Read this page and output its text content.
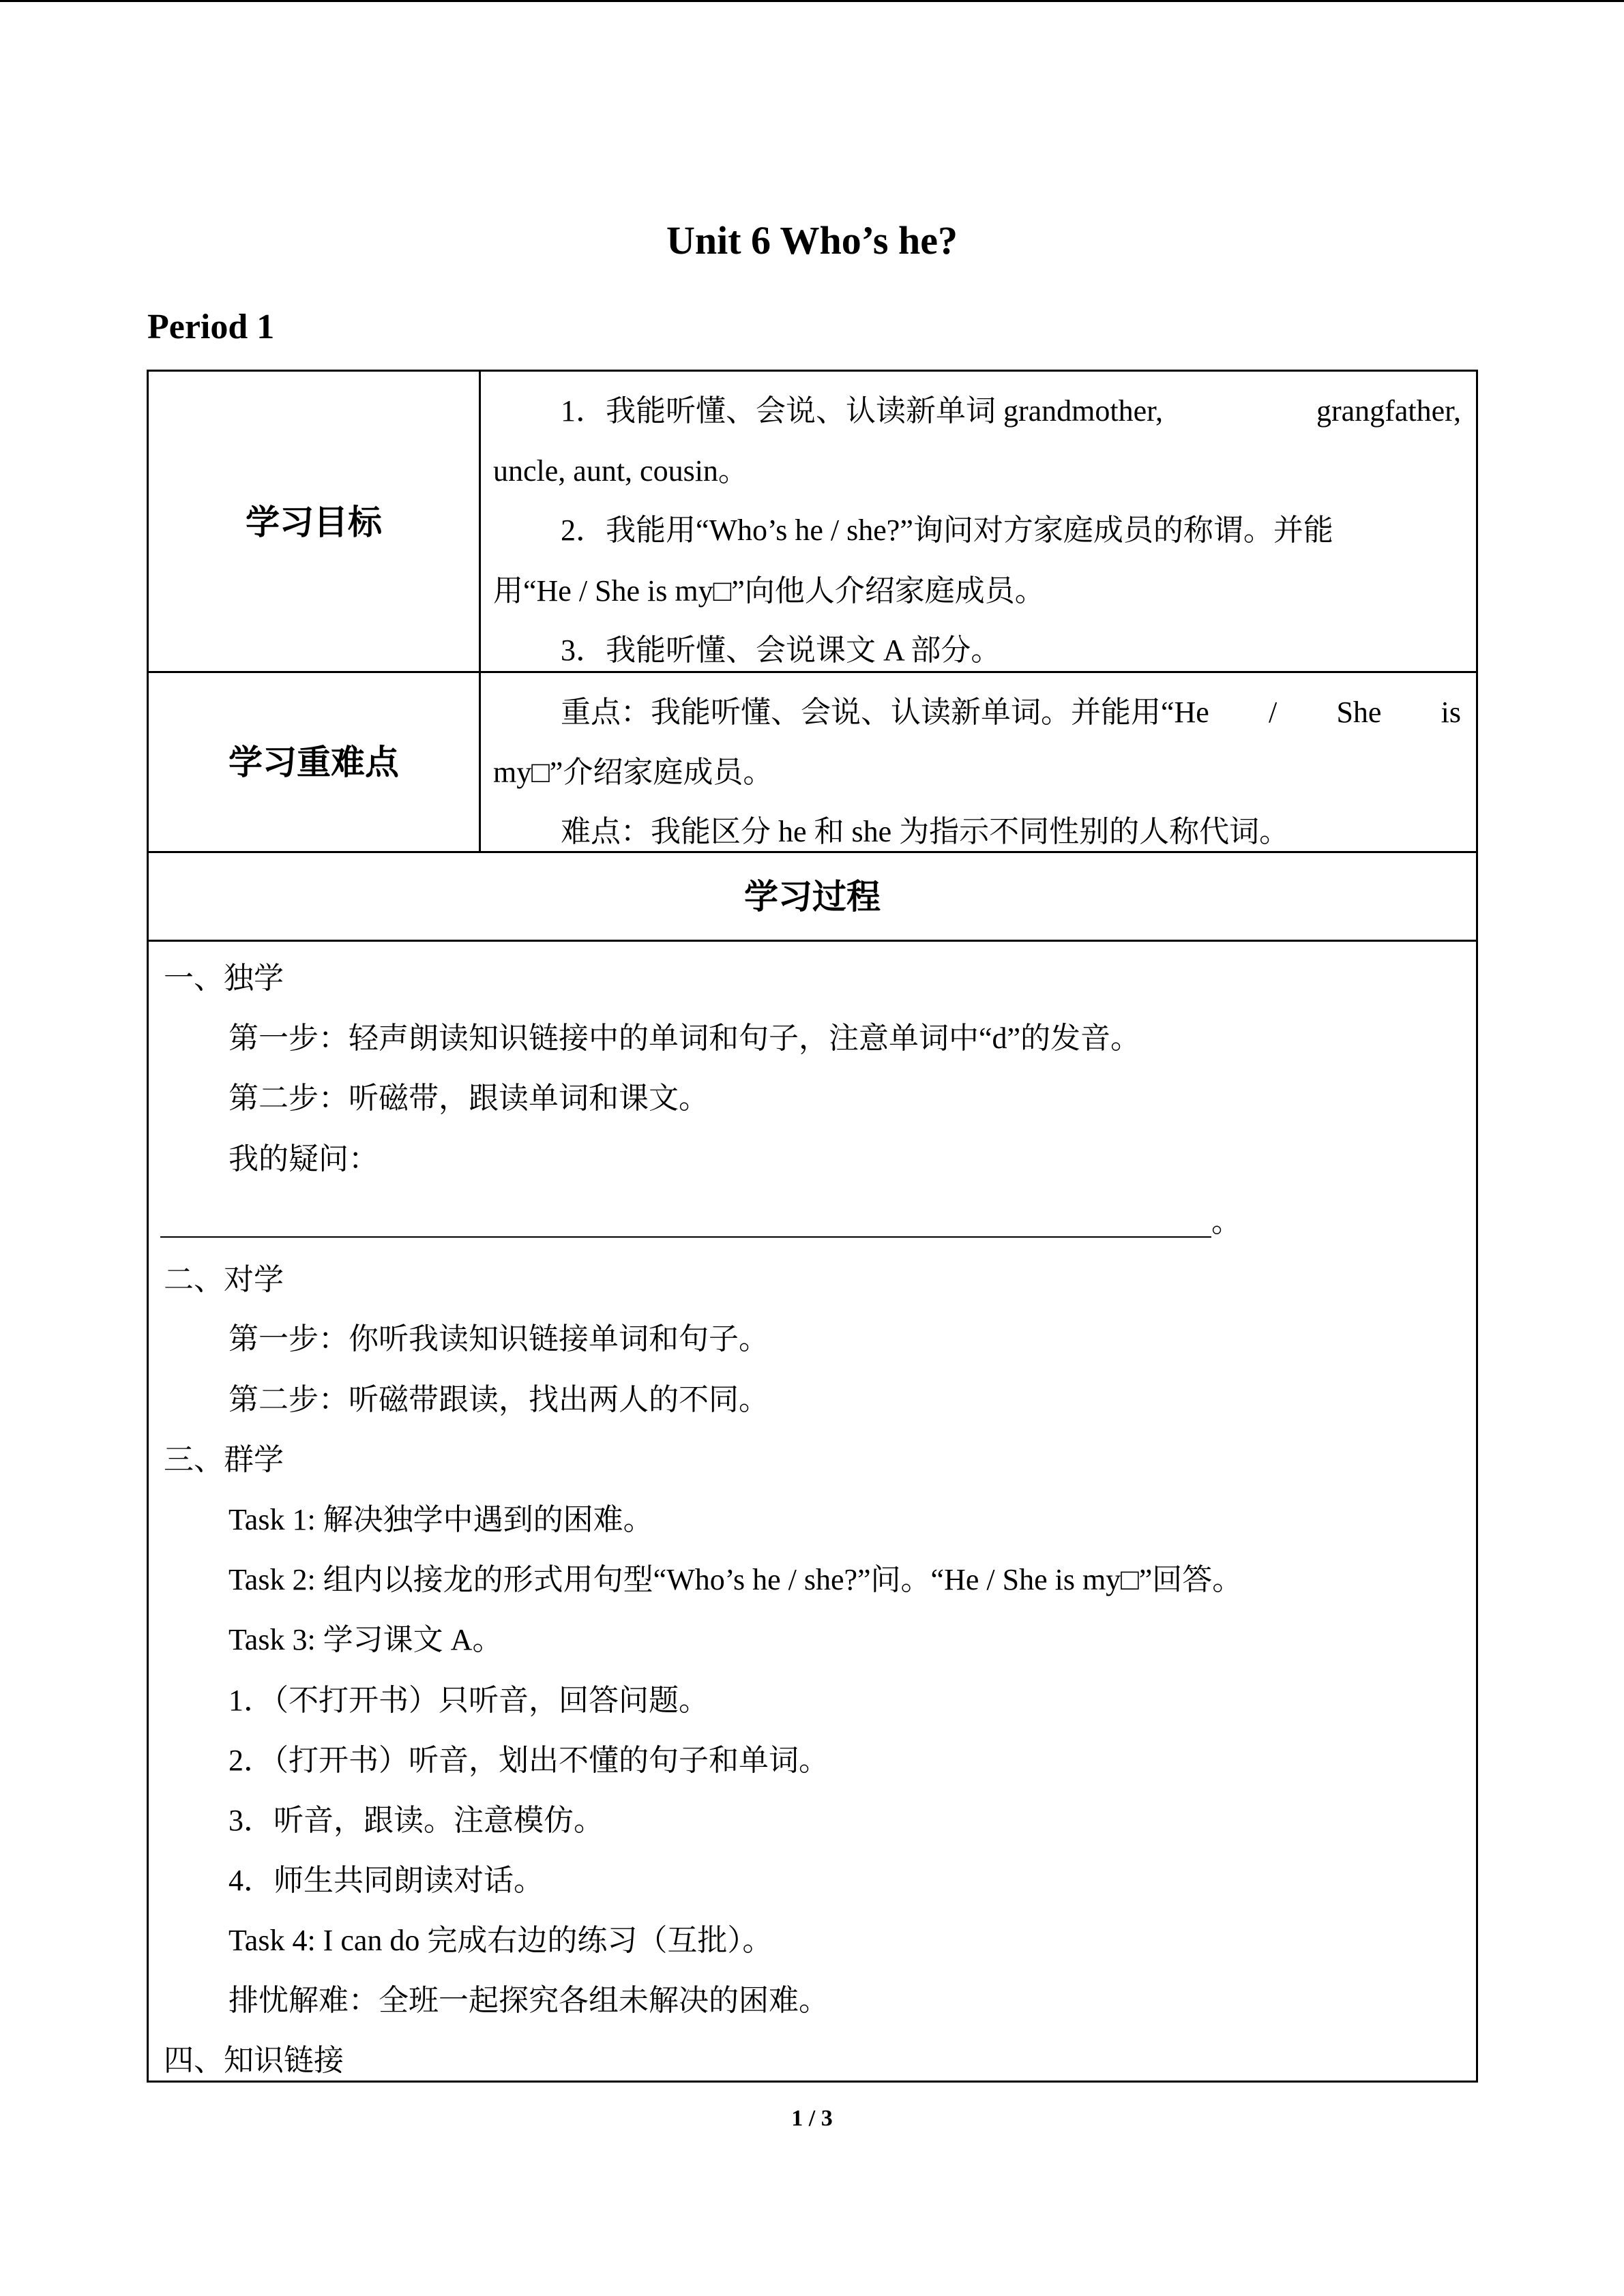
Unit 6 Who’s he?
Period 1
学习目标
1．我能听懂、会说、认读新单词 grandmother,	grangfather,
uncle, aunt, cousin。
2．我能用“Who’s he / she?”询问对方家庭成员的称谓。并能
用“He / She is my□”向他人介绍家庭成员。
3．我能听懂、会说课文 A 部分。
学习重难点
重点：我能听懂、会说、认读新单词。并能用“He / She is
my□”介绍家庭成员。
难点：我能区分 he 和 she 为指示不同性别的人称代词。
学习过程
一、独学
第一步：轻声朗读知识链接中的单词和句子，注意单词中“d”的发音。
第二步：听磁带，跟读单词和课文。
我的疑问：
。
二、对学
第一步：你听我读知识链接单词和句子。
第二步：听磁带跟读，找出两人的不同。
三、群学
Task 1: 解决独学中遇到的困难。
Task 2: 组内以接龙的形式用句型“Who’s he / she?”问。“He / She is my□”回答。
Task 3: 学习课文 A。
1．（不打开书）只听音，回答问题。
2．（打开书）听音，划出不懂的句子和单词。
3．听音，跟读。注意模仿。
4．师生共同朗读对话。
Task 4: I can do 完成右边的练习（互批）。
排忧解难：全班一起探究各组未解决的困难。
四、知识链接
1 / 3
